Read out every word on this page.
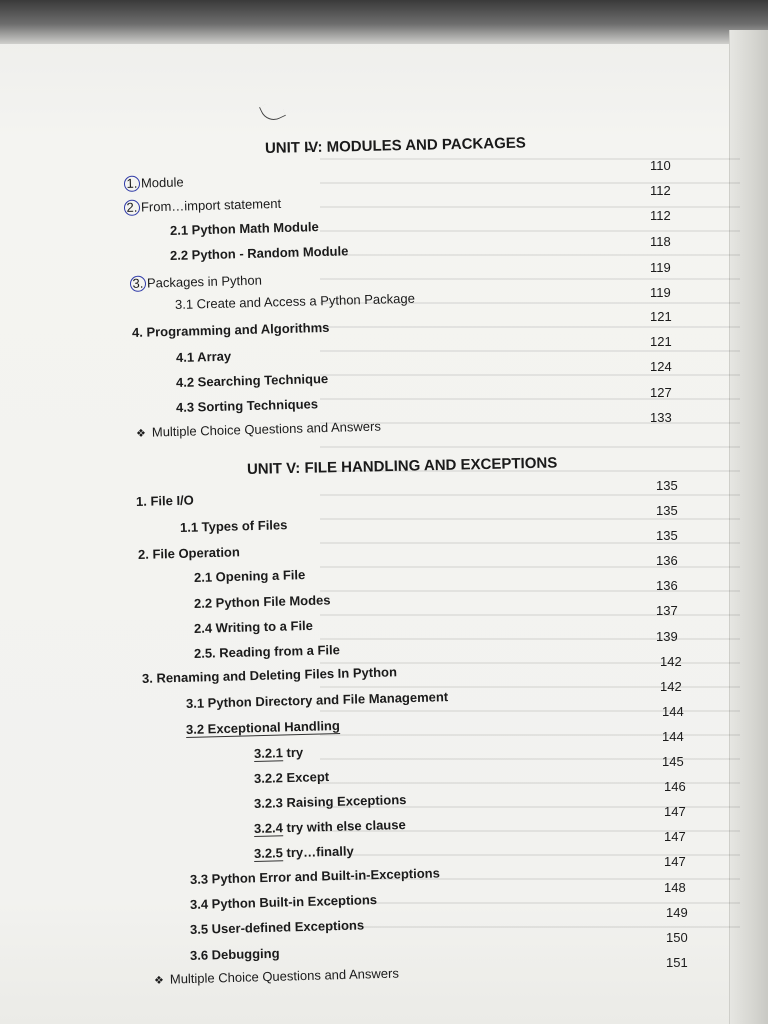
UNIT I̵V: MODULES AND PACKAGES
1. Module
110
2. From…import statement
112
2.1 Python Math Module
112
2.2 Python - Random Module
118
3. Packages in Python
119
3.1 Create and Access a Python Package	119
4. Programming and Algorithms
121
4.1 Array
121
4.2 Searching Technique
124
4.3 Sorting Techniques
127
❖ Multiple Choice Questions and Answers
133
UNIT V: FILE HANDLING AND EXCEPTIONS
1. File I/O
135
1.1 Types of Files
135
2. File Operation
135
2.1 Opening a File
136
2.2 Python File Modes
136
2.4 Writing to a File
137
2.5. Reading from a File
139
3. Renaming and Deleting Files In Python
142
3.1 Python Directory and File Management
142
3.2 Exceptional Handling
144
3.2.1 try
144
3.2.2 Except
145
3.2.3 Raising Exceptions
146
3.2.4 try with else clause
147
3.2.5 try…finally
147
3.3 Python Error and Built-in-Exceptions
147
3.4 Python Built-in Exceptions
148
3.5 User-defined Exceptions
149
3.6 Debugging
150
❖ Multiple Choice Questions and Answers
151
